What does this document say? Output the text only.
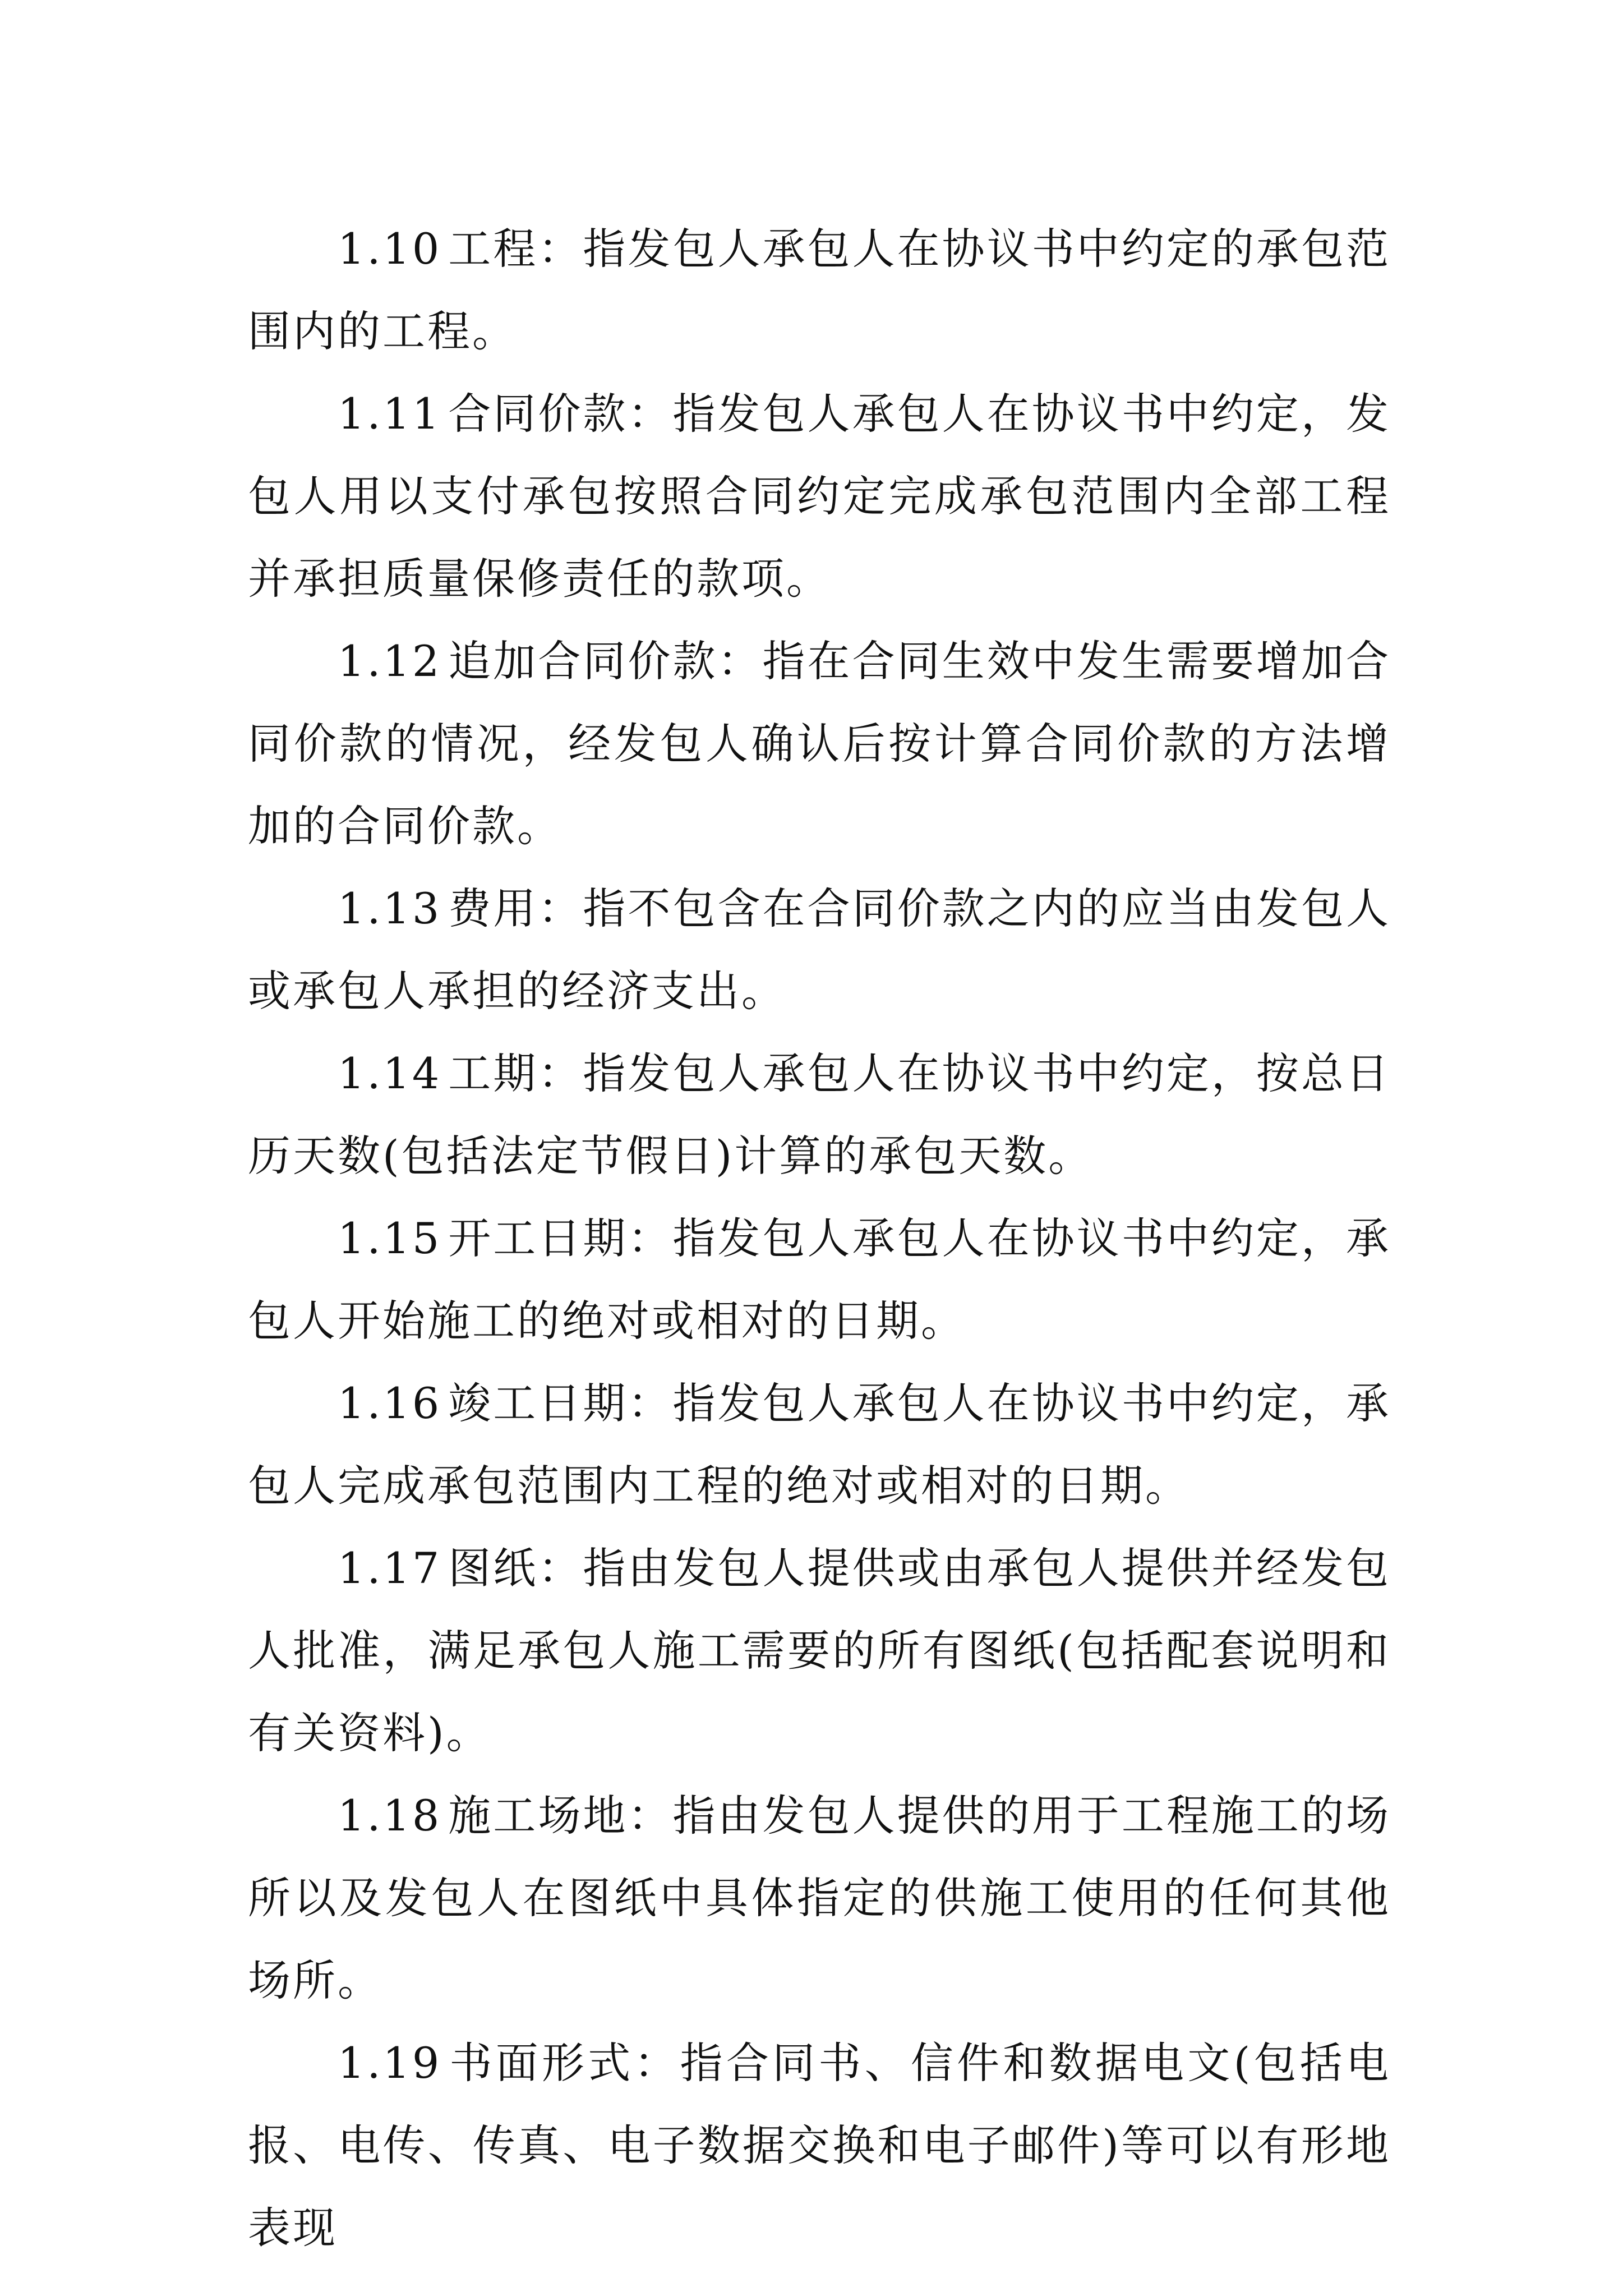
1.10 工程：指发包人承包人在协议书中约定的承包范围内的工程。

1.11 合同价款：指发包人承包人在协议书中约定，发包人用以支付承包按照合同约定完成承包范围内全部工程并承担质量保修责任的款项。

1.12 追加合同价款：指在合同生效中发生需要增加合同价款的情况，经发包人确认后按计算合同价款的方法增加的合同价款。

1.13 费用：指不包含在合同价款之内的应当由发包人或承包人承担的经济支出。

1.14 工期：指发包人承包人在协议书中约定，按总日历天数(包括法定节假日)计算的承包天数。

1.15 开工日期：指发包人承包人在协议书中约定，承包人开始施工的绝对或相对的日期。

1.16 竣工日期：指发包人承包人在协议书中约定，承包人完成承包范围内工程的绝对或相对的日期。

1.17 图纸：指由发包人提供或由承包人提供并经发包人批准，满足承包人施工需要的所有图纸(包括配套说明和有关资料)。

1.18 施工场地：指由发包人提供的用于工程施工的场所以及发包人在图纸中具体指定的供施工使用的任何其他场所。

1.19 书面形式：指合同书、信件和数据电文(包括电报、电传、传真、电子数据交换和电子邮件)等可以有形地表现
